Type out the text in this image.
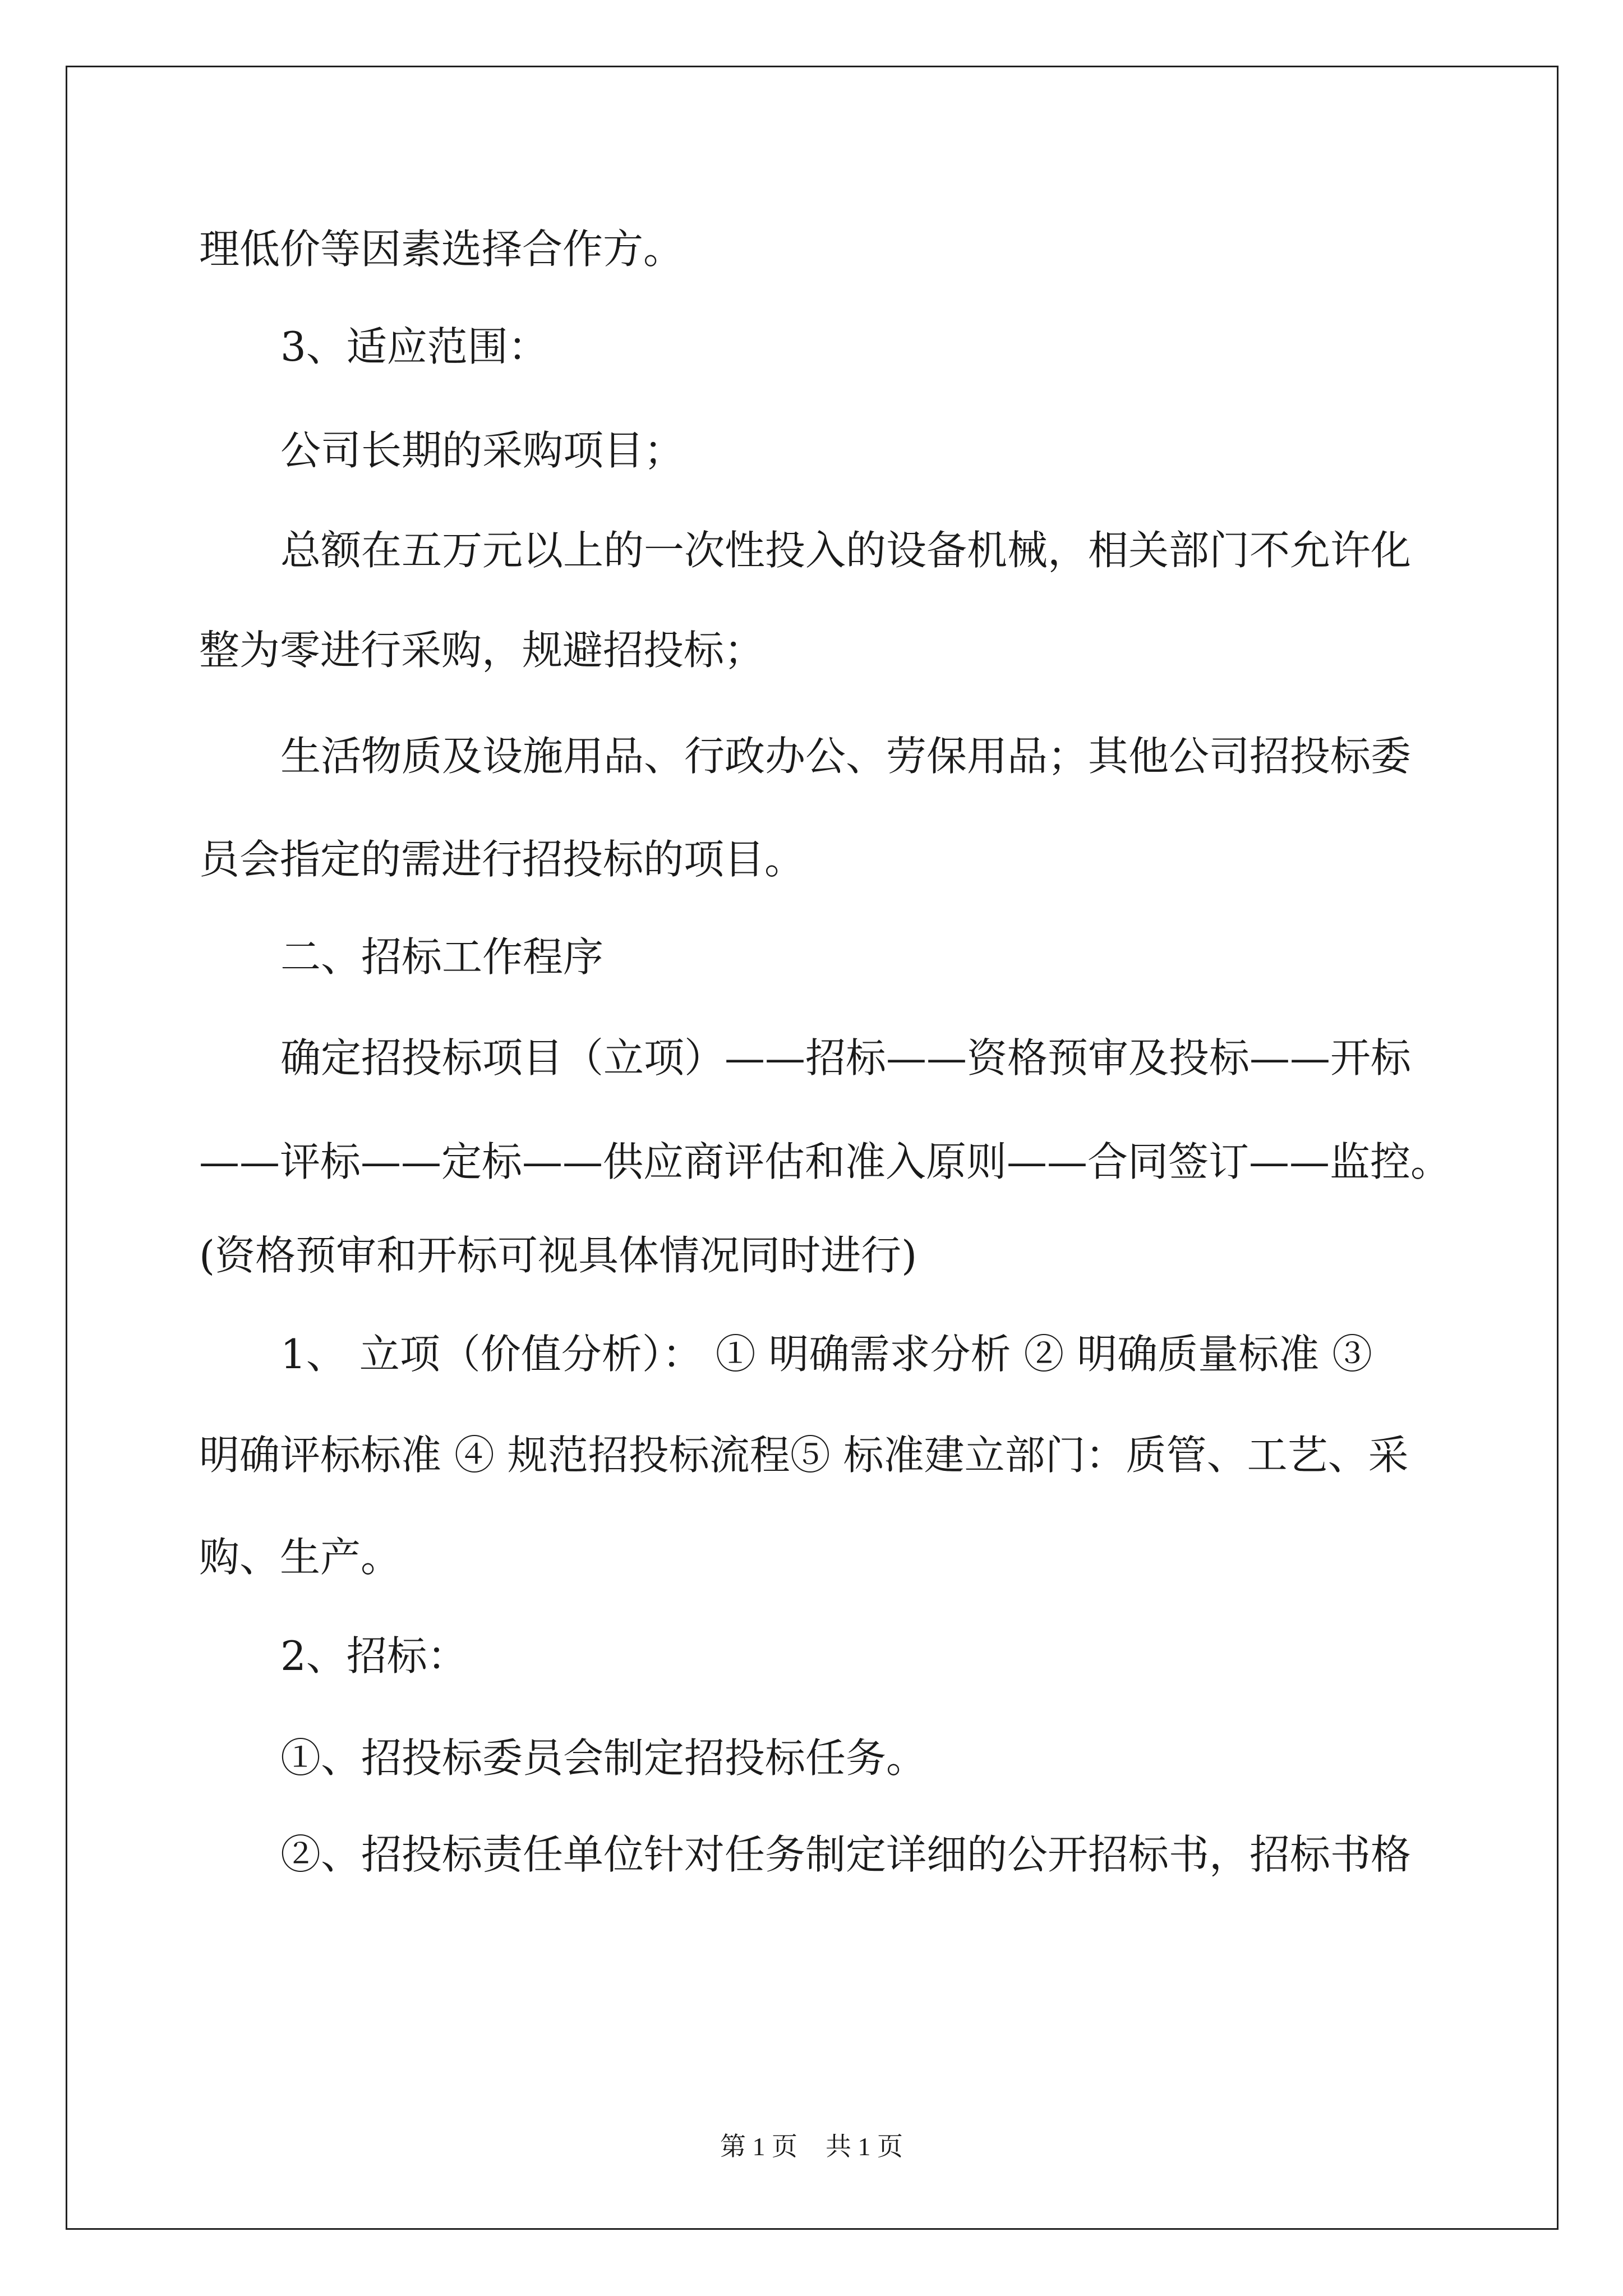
理低价等因素选择合作方。
3、适应范围：
公司长期的采购项目；
总额在五万元以上的一次性投入的设备机械，相关部门不允许化
整为零进行采购，规避招投标；
生活物质及设施用品、行政办公、劳保用品；其他公司招投标委
员会指定的需进行招投标的项目。
二、招标工作程序
确定招投标项目（立项）——招标——资格预审及投标——开标
——评标——定标——供应商评估和准入原则——合同签订——监控。
(资格预审和开标可视具体情况同时进行)
1、 立项（价值分析）： ① 明确需求分析 ② 明确质量标准 ③
明确评标标准 ④ 规范招投标流程⑤ 标准建立部门：质管、工艺、采
购、生产。
2、招标：
①、招投标委员会制定招投标任务。
②、招投标责任单位针对任务制定详细的公开招标书，招标书格
第 1 页 共 1 页
